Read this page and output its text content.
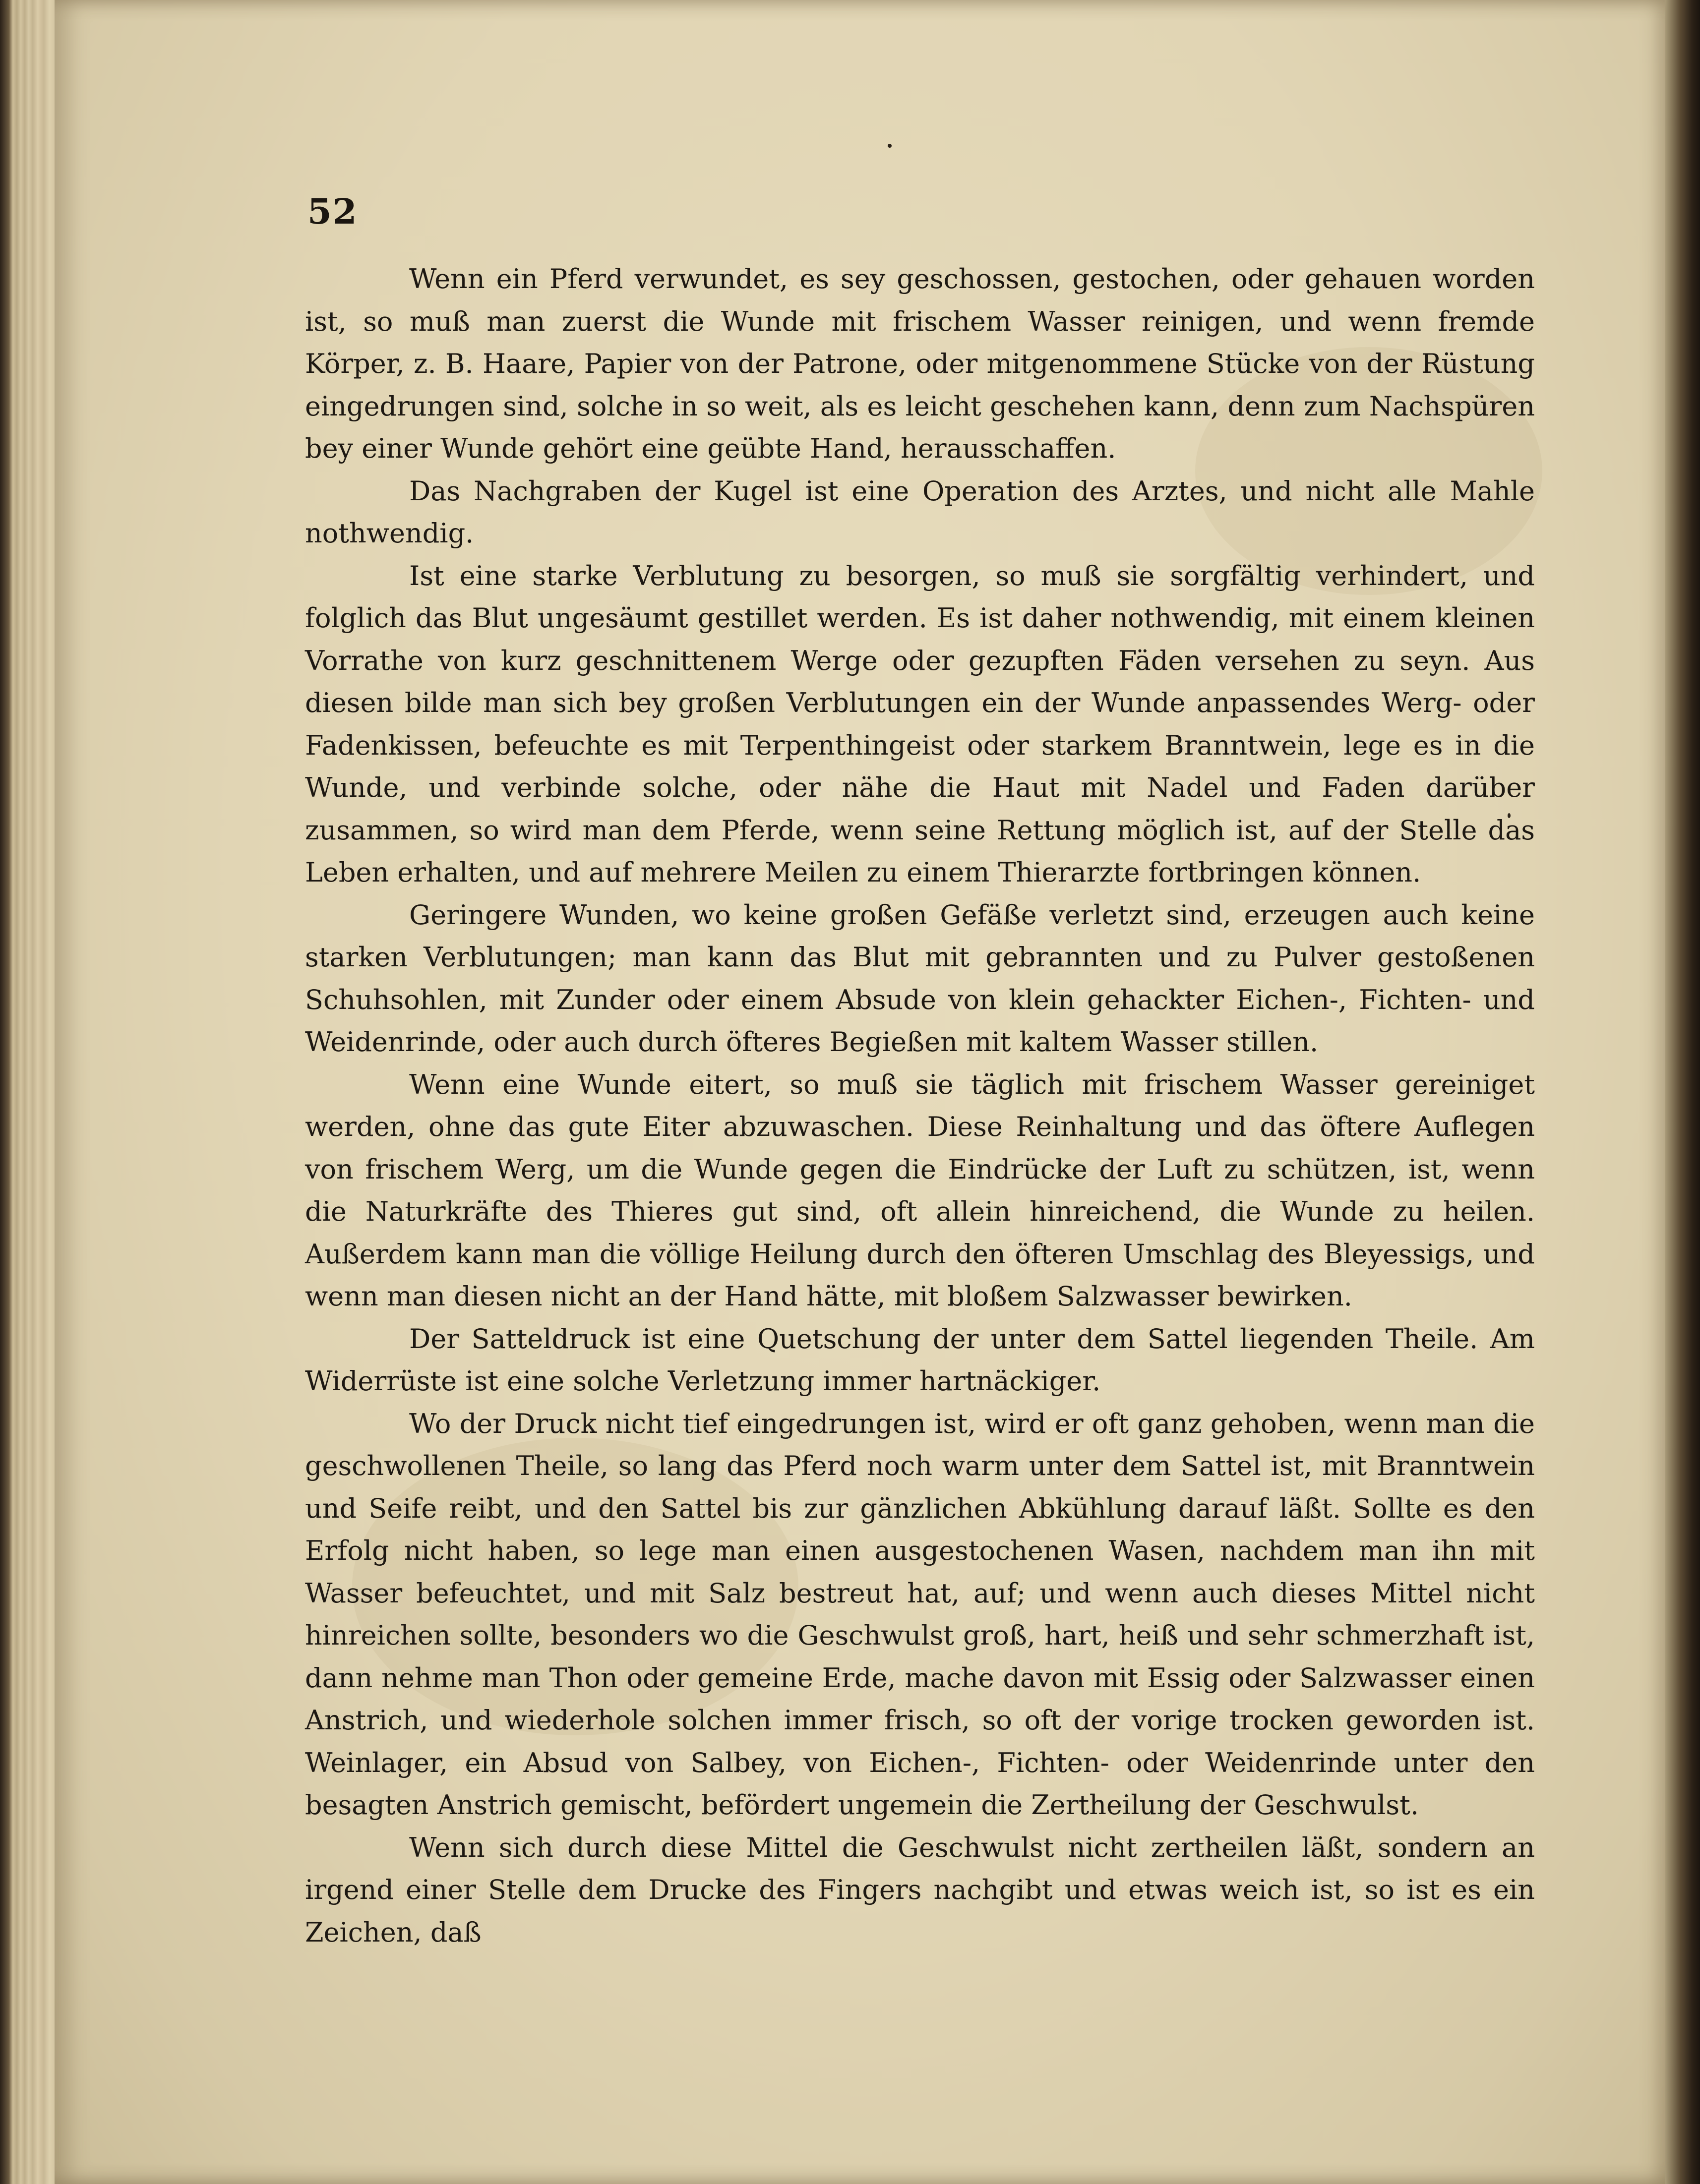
52

Wenn ein Pferd verwundet, es sey geschossen, gestochen, oder gehauen worden ist, so muß man zuerst die Wunde mit frischem Wasser reinigen, und wenn fremde Körper, z. B. Haare, Papier von der Patrone, oder mitgenommene Stücke von der Rüstung eingedrungen sind, solche in so weit, als es leicht geschehen kann, denn zum Nachspüren bey einer Wunde gehört eine geübte Hand, herausschaffen.

Das Nachgraben der Kugel ist eine Operation des Arztes, und nicht alle Mahle nothwendig.

Ist eine starke Verblutung zu besorgen, so muß sie sorgfältig verhindert, und folglich das Blut ungesäumt gestillet werden. Es ist daher nothwendig, mit einem kleinen Vorrathe von kurz geschnittenem Werge oder gezupften Fäden versehen zu seyn. Aus diesen bilde man sich bey großen Verblutungen ein der Wunde anpassendes Werg- oder Fadenkissen, befeuchte es mit Terpenthingeist oder starkem Branntwein, lege es in die Wunde, und verbinde solche, oder nähe die Haut mit Nadel und Faden darüber zusammen, so wird man dem Pferde, wenn seine Rettung möglich ist, auf der Stelle das Leben erhalten, und auf mehrere Meilen zu einem Thierarzte fortbringen können.

Geringere Wunden, wo keine großen Gefäße verletzt sind, erzeugen auch keine starken Verblutungen; man kann das Blut mit gebrannten und zu Pulver gestoßenen Schuhsohlen, mit Zunder oder einem Absude von klein gehackter Eichen-, Fichten- und Weidenrinde, oder auch durch öfteres Begießen mit kaltem Wasser stillen.

Wenn eine Wunde eitert, so muß sie täglich mit frischem Wasser gereiniget werden, ohne das gute Eiter abzuwaschen. Diese Reinhaltung und das öftere Auflegen von frischem Werg, um die Wunde gegen die Eindrücke der Luft zu schützen, ist, wenn die Naturkräfte des Thieres gut sind, oft allein hinreichend, die Wunde zu heilen. Außerdem kann man die völlige Heilung durch den öfteren Umschlag des Bleyessigs, und wenn man diesen nicht an der Hand hätte, mit bloßem Salzwasser bewirken.

Der Satteldruck ist eine Quetschung der unter dem Sattel liegenden Theile. Am Widerrüste ist eine solche Verletzung immer hartnäckiger.

Wo der Druck nicht tief eingedrungen ist, wird er oft ganz gehoben, wenn man die geschwollenen Theile, so lang das Pferd noch warm unter dem Sattel ist, mit Branntwein und Seife reibt, und den Sattel bis zur gänzlichen Abkühlung darauf läßt. Sollte es den Erfolg nicht haben, so lege man einen ausgestochenen Wasen, nachdem man ihn mit Wasser befeuchtet, und mit Salz bestreut hat, auf; und wenn auch dieses Mittel nicht hinreichen sollte, besonders wo die Geschwulst groß, hart, heiß und sehr schmerzhaft ist, dann nehme man Thon oder gemeine Erde, mache davon mit Essig oder Salzwasser einen Anstrich, und wiederhole solchen immer frisch, so oft der vorige trocken geworden ist. Weinlager, ein Absud von Salbey, von Eichen-, Fichten- oder Weidenrinde unter den besagten Anstrich gemischt, befördert ungemein die Zertheilung der Geschwulst.

Wenn sich durch diese Mittel die Geschwulst nicht zertheilen läßt, sondern an irgend einer Stelle dem Drucke des Fingers nachgibt und etwas weich ist, so ist es ein Zeichen, daß
